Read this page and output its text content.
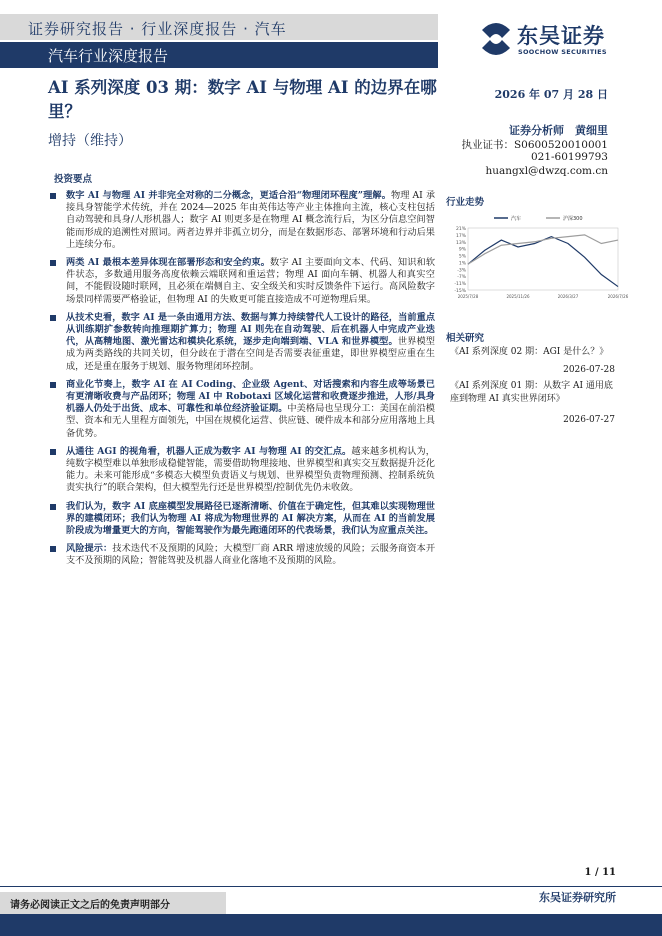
证券研究报告 · 行业深度报告 · 汽车
汽车行业深度报告
东吴证券
SOOCHOW SECURITIES
AI 系列深度 03 期：数字 AI 与物理 AI 的边界在哪里？
增持（维持）
2026 年 07 月 28 日
证券分析师　黄细里
执业证书：S0600520010001
021-60199793
huangxl@dwzq.com.cn
投资要点
数字 AI 与物理 AI 并非完全对称的二分概念，更适合沿“物理闭环程度”理解。物理 AI 承接具身智能学术传统，并在 2024—2025 年由英伟达等产业主体推向主流，核心支柱包括自动驾驶和具身/人形机器人；数字 AI 则更多是在物理 AI 概念流行后，为区分信息空间智能而形成的追溯性对照词。两者边界并非孤立切分，而是在数据形态、部署环境和行动后果上连续分布。
两类 AI 最根本差异体现在部署形态和安全约束。数字 AI 主要面向文本、代码、知识和软件状态，多数通用服务高度依赖云端联网和重运营；物理 AI 面向车辆、机器人和真实空间，不能假设随时联网，且必须在端侧自主、安全级关和实时反馈条件下运行。高风险数字场景同样需要严格验证，但物理 AI 的失败更可能直接造成不可逆物理后果。
从技术史看，数字 AI 是一条由通用方法、数据与算力持续替代人工设计的路径，当前重点从训练期扩参数转向推理期扩算力；物理 AI 则先在自动驾驶、后在机器人中完成产业迭代，从高精地图、激光雷达和模块化系统，逐步走向端到端、VLA 和世界模型。世界模型成为两类路线的共同关切，但分歧在于潜在空间是否需要表征重建，即世界模型应重在生成，还是重在服务于规划、服务物理闭环控制。
商业化节奏上，数字 AI 在 AI Coding、企业级 Agent、对话搜索和内容生成等场景已有更清晰收费与产品闭环；物理 AI 中 Robotaxi 区域化运营和收费逐步推进，人形/具身机器人仍处于出货、成本、可靠性和单位经济验证期。中美格局也呈现分工：美国在前沿模型、资本和无人里程方面领先，中国在规模化运营、供应链、硬件成本和部分应用落地上具备优势。
从通往 AGI 的视角看，机器人正成为数字 AI 与物理 AI 的交汇点。越来越多机构认为，纯数字模型难以单独形成稳健智能，需要借助物理接地、世界模型和真实交互数据提升泛化能力。未来可能形成“多模态大模型负责语义与规划、世界模型负责物理预测、控制系统负责实执行”的联合架构，但大模型先行还是世界模型/控制优先仍未收敛。
我们认为，数字 AI 底座模型发展路径已逐渐清晰、价值在于确定性，但其难以实现物理世界的建模闭环；我们认为物理 AI 将成为物理世界的 AI 解决方案，从而在 AI 的当前发展阶段成为增量更大的方向，智能驾驶作为最先跑通闭环的代表场景，我们认为应重点关注。
风险提示：技术迭代不及预期的风险；大模型厂商 ARR 增速放缓的风险；云服务商资本开支不及预期的风险；智能驾驶及机器人商业化落地不及预期的风险。
行业走势
21%
17%
13%
9%
5%
1%
-3%
-7%
-11%
-15%
2025/7/28	2025/11/26	2026/3/27	2026/7/26
汽车	沪深300
相关研究
《AI 系列深度 02 期：AGI 是什么？》
2026-07-28
《AI 系列深度 01 期：从数字 AI 通用底座到物理 AI 真实世界闭环》
2026-07-27
1 / 11
东吴证券研究所
请务必阅读正文之后的免责声明部分
